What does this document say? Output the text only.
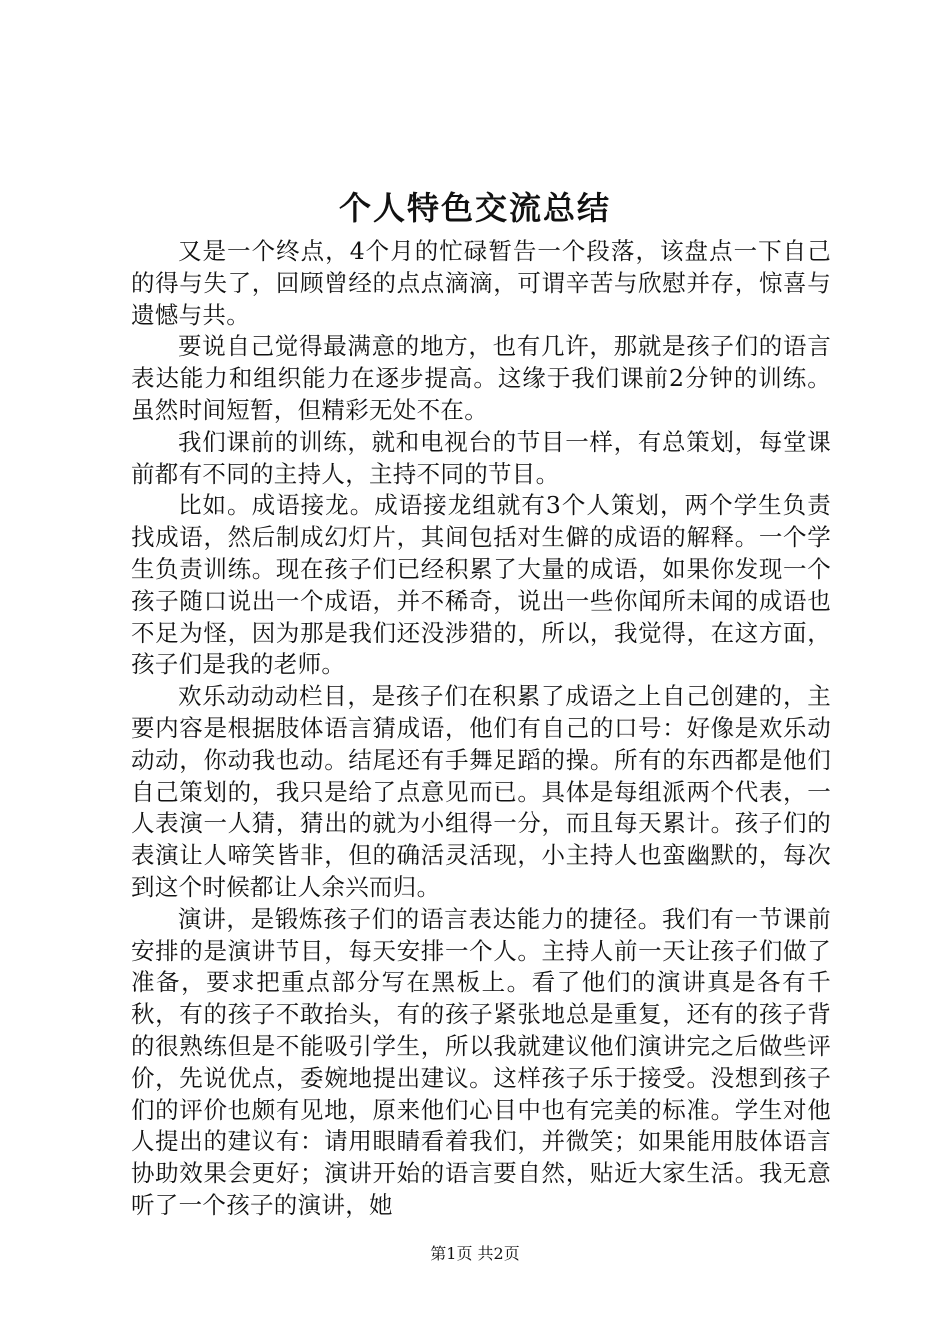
个人特色交流总结

又是一个终点，4个月的忙碌暂告一个段落，该盘点一下自己的得与失了，回顾曾经的点点滴滴，可谓辛苦与欣慰并存，惊喜与遗憾与共。

要说自己觉得最满意的地方，也有几许，那就是孩子们的语言表达能力和组织能力在逐步提高。这缘于我们课前2分钟的训练。虽然时间短暂，但精彩无处不在。

我们课前的训练，就和电视台的节目一样，有总策划，每堂课前都有不同的主持人，主持不同的节目。

比如。成语接龙。成语接龙组就有3个人策划，两个学生负责找成语，然后制成幻灯片，其间包括对生僻的成语的解释。一个学生负责训练。现在孩子们已经积累了大量的成语，如果你发现一个孩子随口说出一个成语，并不稀奇，说出一些你闻所未闻的成语也不足为怪，因为那是我们还没涉猎的，所以，我觉得，在这方面，孩子们是我的老师。

欢乐动动动栏目，是孩子们在积累了成语之上自己创建的，主要内容是根据肢体语言猜成语，他们有自己的口号：好像是欢乐动动动，你动我也动。结尾还有手舞足蹈的操。所有的东西都是他们自己策划的，我只是给了点意见而已。具体是每组派两个代表，一人表演一人猜，猜出的就为小组得一分，而且每天累计。孩子们的表演让人啼笑皆非，但的确活灵活现，小主持人也蛮幽默的，每次到这个时候都让人余兴而归。

演讲，是锻炼孩子们的语言表达能力的捷径。我们有一节课前安排的是演讲节目，每天安排一个人。主持人前一天让孩子们做了准备，要求把重点部分写在黑板上。看了他们的演讲真是各有千秋，有的孩子不敢抬头，有的孩子紧张地总是重复，还有的孩子背的很熟练但是不能吸引学生，所以我就建议他们演讲完之后做些评价，先说优点，委婉地提出建议。这样孩子乐于接受。没想到孩子们的评价也颇有见地，原来他们心目中也有完美的标准。学生对他人提出的建议有：请用眼睛看着我们，并微笑；如果能用肢体语言协助效果会更好；演讲开始的语言要自然，贴近大家生活。我无意听了一个孩子的演讲，她

第1页 共2页
